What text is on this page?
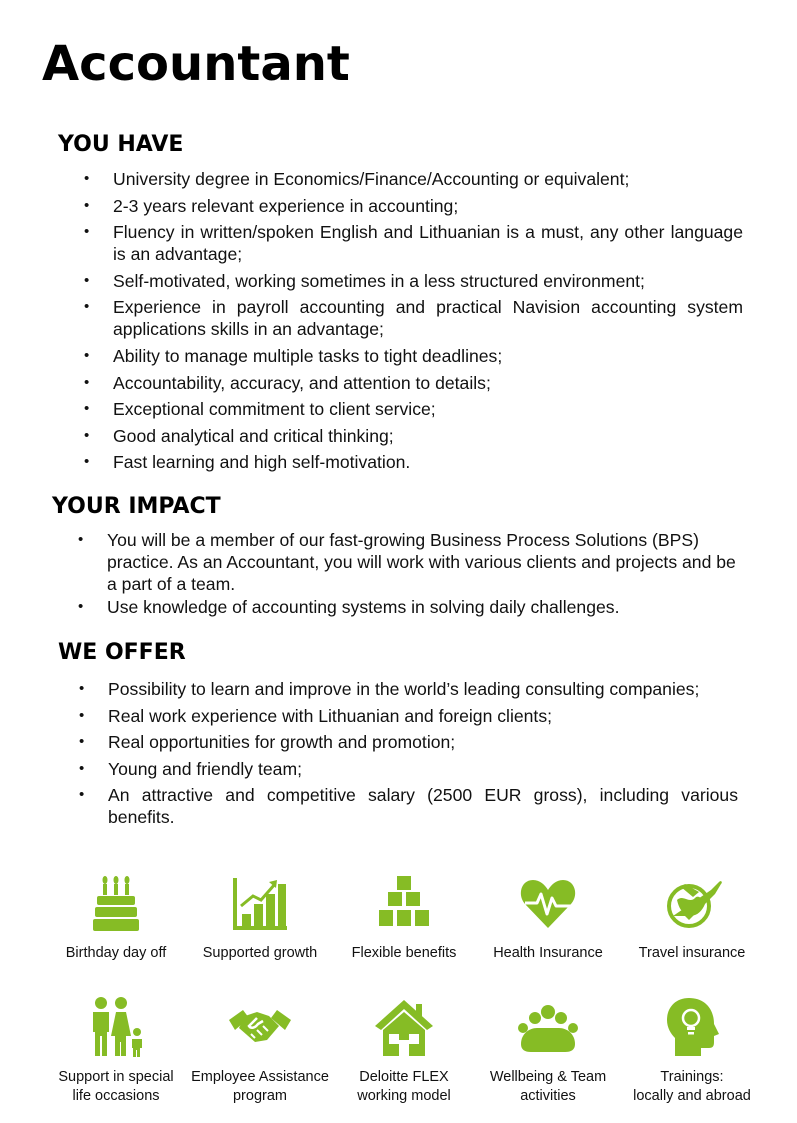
Accountant
YOU HAVE
• University degree in Economics/Finance/Accounting or equivalent;
• 2-3 years relevant experience in accounting;
• Fluency in written/spoken English and Lithuanian is a must, any other language is an advantage;
• Self-motivated, working sometimes in a less structured environment;
• Experience in payroll accounting and practical Navision accounting system applications skills in an advantage;
• Ability to manage multiple tasks to tight deadlines;
• Accountability, accuracy, and attention to details;
• Exceptional commitment to client service;
• Good analytical and critical thinking;
• Fast learning and high self-motivation.
YOUR IMPACT
• You will be a member of our fast-growing Business Process Solutions (BPS) practice. As an Accountant, you will work with various clients and projects and be a part of a team.
• Use knowledge of accounting systems in solving daily challenges.
WE OFFER
• Possibility to learn and improve in the world’s leading consulting companies;
• Real work experience with Lithuanian and foreign clients;
• Real opportunities for growth and promotion;
• Young and friendly team;
• An attractive and competitive salary (2500 EUR gross), including various benefits.
Birthday day off	Supported growth Flexible benefits	Health Insurance Travel insurance
Support in special
life occasions
Employee Assistance
program
Deloitte FLEX
working model
Wellbeing & Team
activities
Trainings:
locally and abroad
